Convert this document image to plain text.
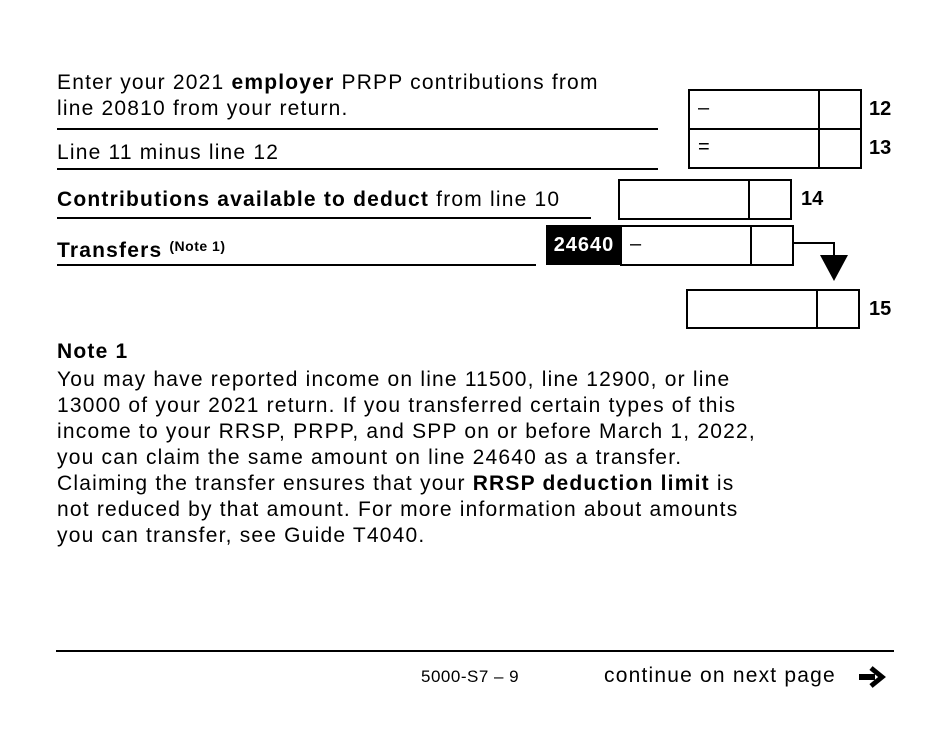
Enter your 2021 employer PRPP contributions from
line 20810 from your return.	–	12
Line 11 minus line 12	=	13
Contributions available to deduct from line 10	14
Transfers $^{(Note 1)}$	24640 –
15
Note 1
You may have reported income on line 11500, line 12900, or line
13000 of your 2021 return. If you transferred certain types of this
income to your RRSP, PRPP, and SPP on or before March 1, 2022,
you can claim the same amount on line 24640 as a transfer.
Claiming the transfer ensures that your RRSP deduction limit is
not reduced by that amount. For more information about amounts
you can transfer, see Guide T4040.
5000-S7 – 9	continue on next page
